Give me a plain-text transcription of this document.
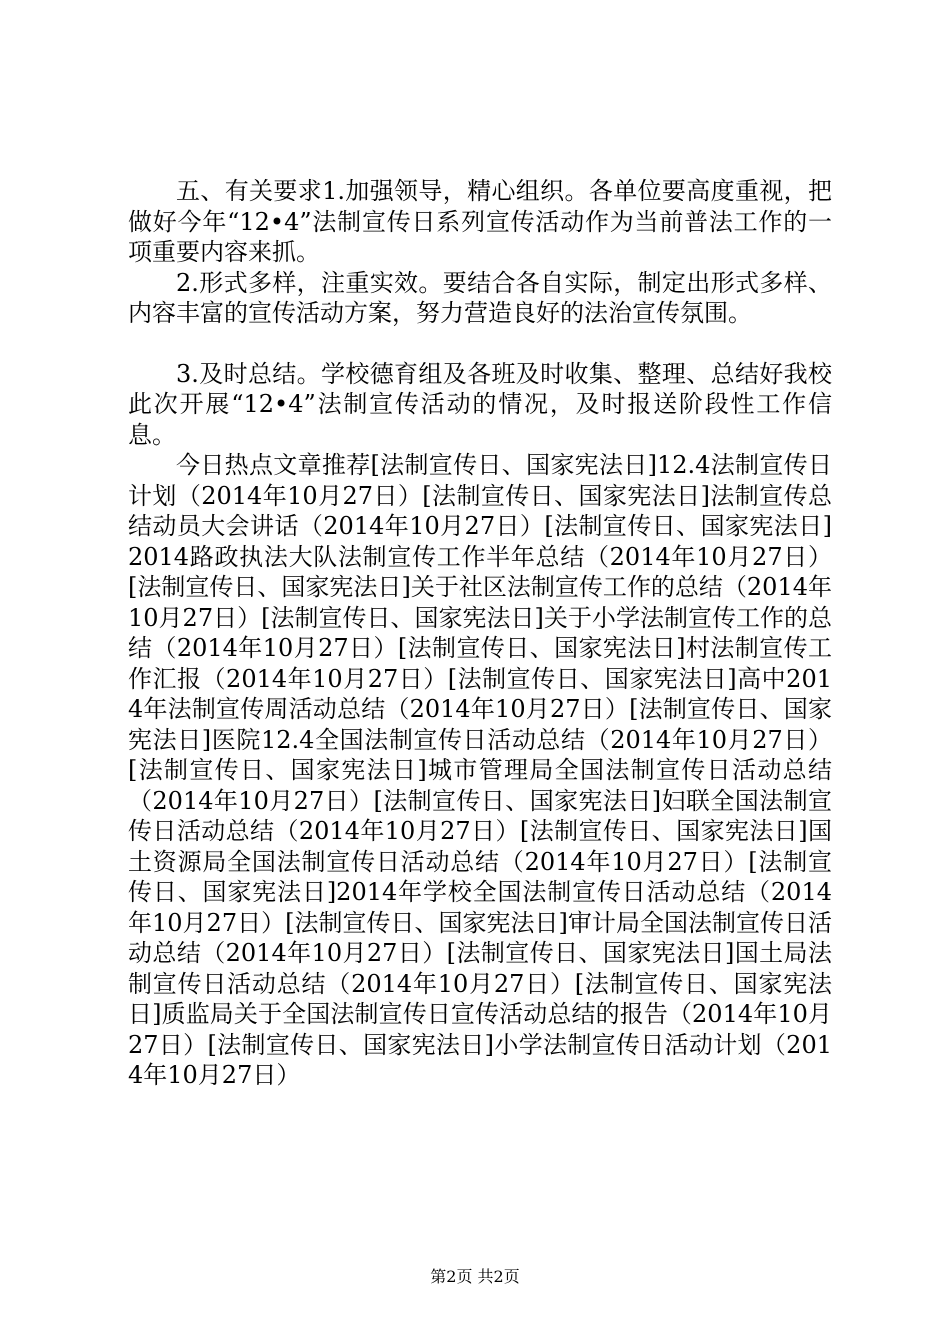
五、有关要求1.加强领导，精心组织。各单位要高度重视，把做好今年“12•4”法制宣传日系列宣传活动作为当前普法工作的一项重要内容来抓。

2.形式多样，注重实效。要结合各自实际，制定出形式多样、内容丰富的宣传活动方案，努力营造良好的法治宣传氛围。

3.及时总结。学校德育组及各班及时收集、整理、总结好我校此次开展“12•4”法制宣传活动的情况，及时报送阶段性工作信息。

今日热点文章推荐[法制宣传日、国家宪法日]12.4法制宣传日计划（2014年10月27日）[法制宣传日、国家宪法日]法制宣传总结动员大会讲话（2014年10月27日）[法制宣传日、国家宪法日]2014路政执法大队法制宣传工作半年总结（2014年10月27日）[法制宣传日、国家宪法日]关于社区法制宣传工作的总结（2014年10月27日）[法制宣传日、国家宪法日]关于小学法制宣传工作的总结（2014年10月27日）[法制宣传日、国家宪法日]村法制宣传工作汇报（2014年10月27日）[法制宣传日、国家宪法日]高中2014年法制宣传周活动总结（2014年10月27日）[法制宣传日、国家宪法日]医院12.4全国法制宣传日活动总结（2014年10月27日）[法制宣传日、国家宪法日]城市管理局全国法制宣传日活动总结（2014年10月27日）[法制宣传日、国家宪法日]妇联全国法制宣传日活动总结（2014年10月27日）[法制宣传日、国家宪法日]国土资源局全国法制宣传日活动总结（2014年10月27日）[法制宣传日、国家宪法日]2014年学校全国法制宣传日活动总结（2014年10月27日）[法制宣传日、国家宪法日]审计局全国法制宣传日活动总结（2014年10月27日）[法制宣传日、国家宪法日]国土局法制宣传日活动总结（2014年10月27日）[法制宣传日、国家宪法日]质监局关于全国法制宣传日宣传活动总结的报告（2014年10月27日）[法制宣传日、国家宪法日]小学法制宣传日活动计划（2014年10月27日）

第2页 共2页
